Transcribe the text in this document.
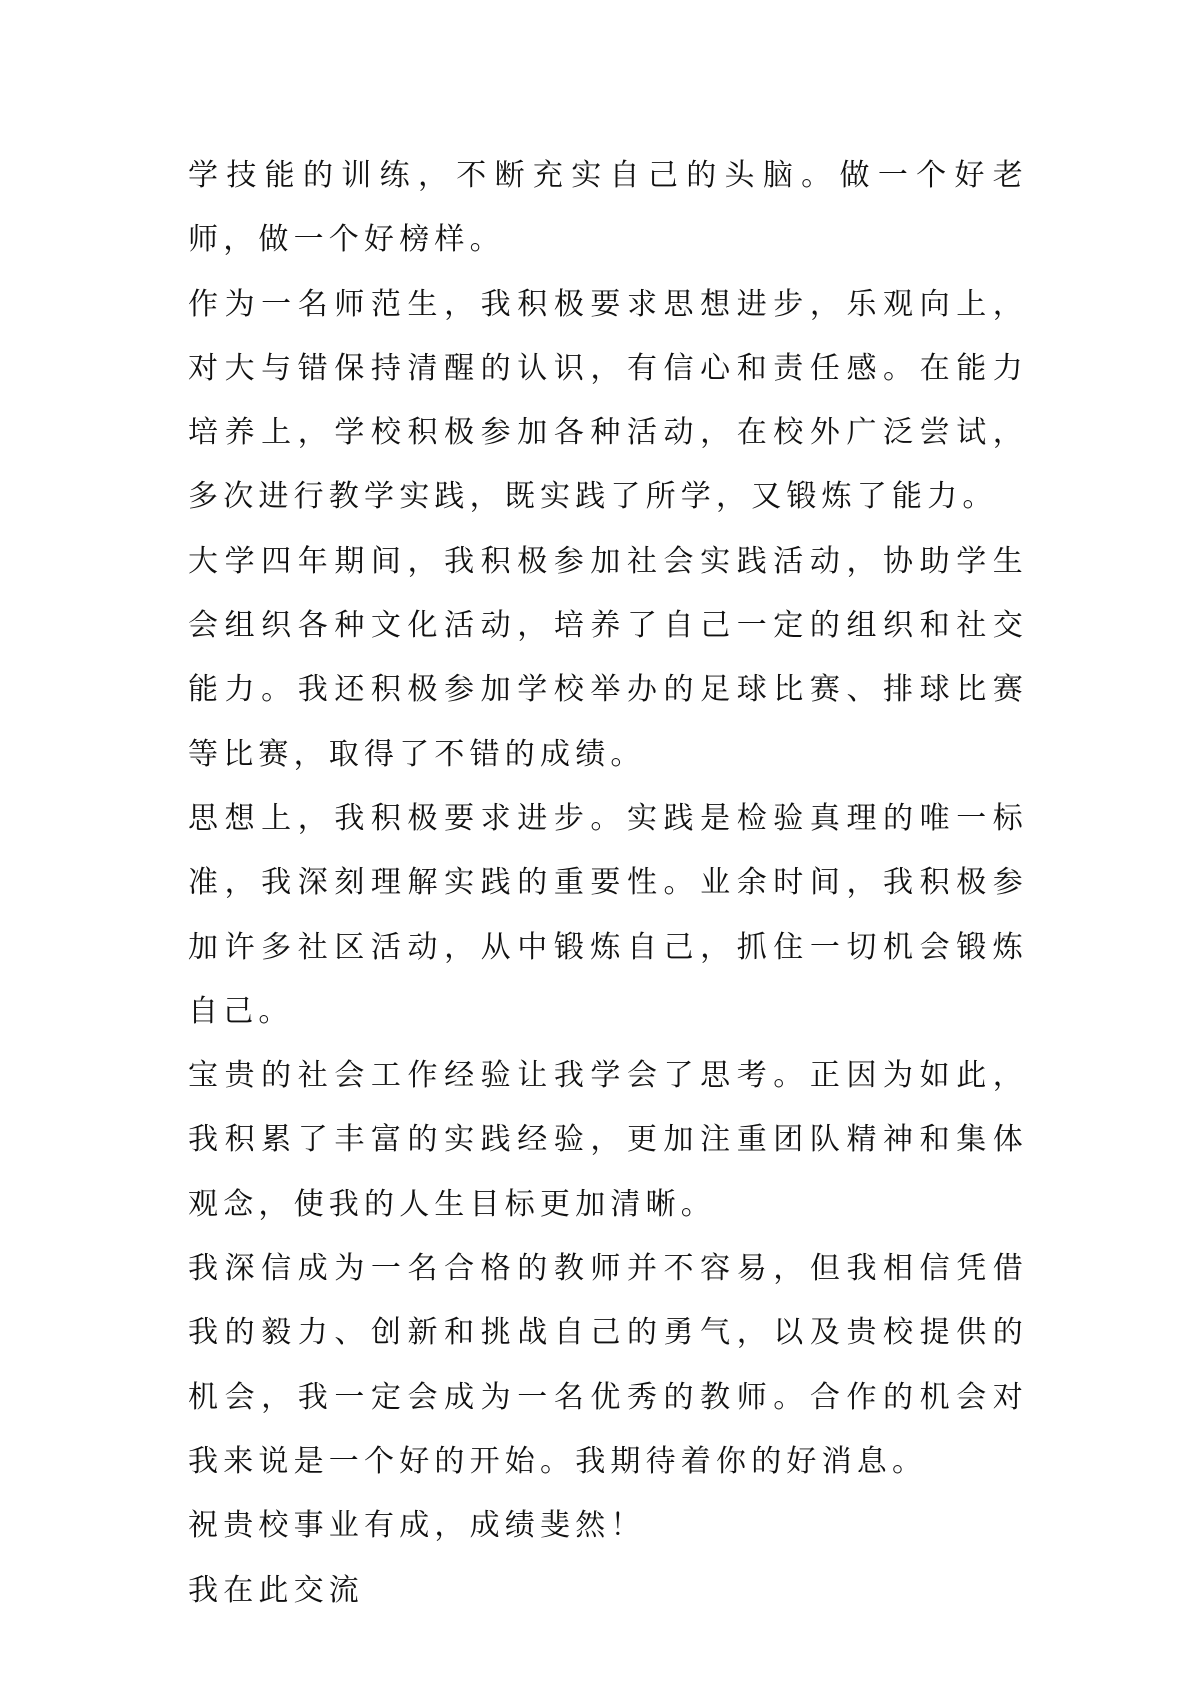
学技能的训练，不断充实自己的头脑。做一个好老师，做一个好榜样。

作为一名师范生，我积极要求思想进步，乐观向上，对大与错保持清醒的认识，有信心和责任感。在能力培养上，学校积极参加各种活动，在校外广泛尝试，多次进行教学实践，既实践了所学，又锻炼了能力。

大学四年期间，我积极参加社会实践活动，协助学生会组织各种文化活动，培养了自己一定的组织和社交能力。我还积极参加学校举办的足球比赛、排球比赛等比赛，取得了不错的成绩。

思想上，我积极要求进步。实践是检验真理的唯一标准，我深刻理解实践的重要性。业余时间，我积极参加许多社区活动，从中锻炼自己，抓住一切机会锻炼自己。

宝贵的社会工作经验让我学会了思考。正因为如此，我积累了丰富的实践经验，更加注重团队精神和集体观念，使我的人生目标更加清晰。

我深信成为一名合格的教师并不容易，但我相信凭借我的毅力、创新和挑战自己的勇气，以及贵校提供的机会，我一定会成为一名优秀的教师。合作的机会对我来说是一个好的开始。我期待着你的好消息。

祝贵校事业有成，成绩斐然！

我在此交流
